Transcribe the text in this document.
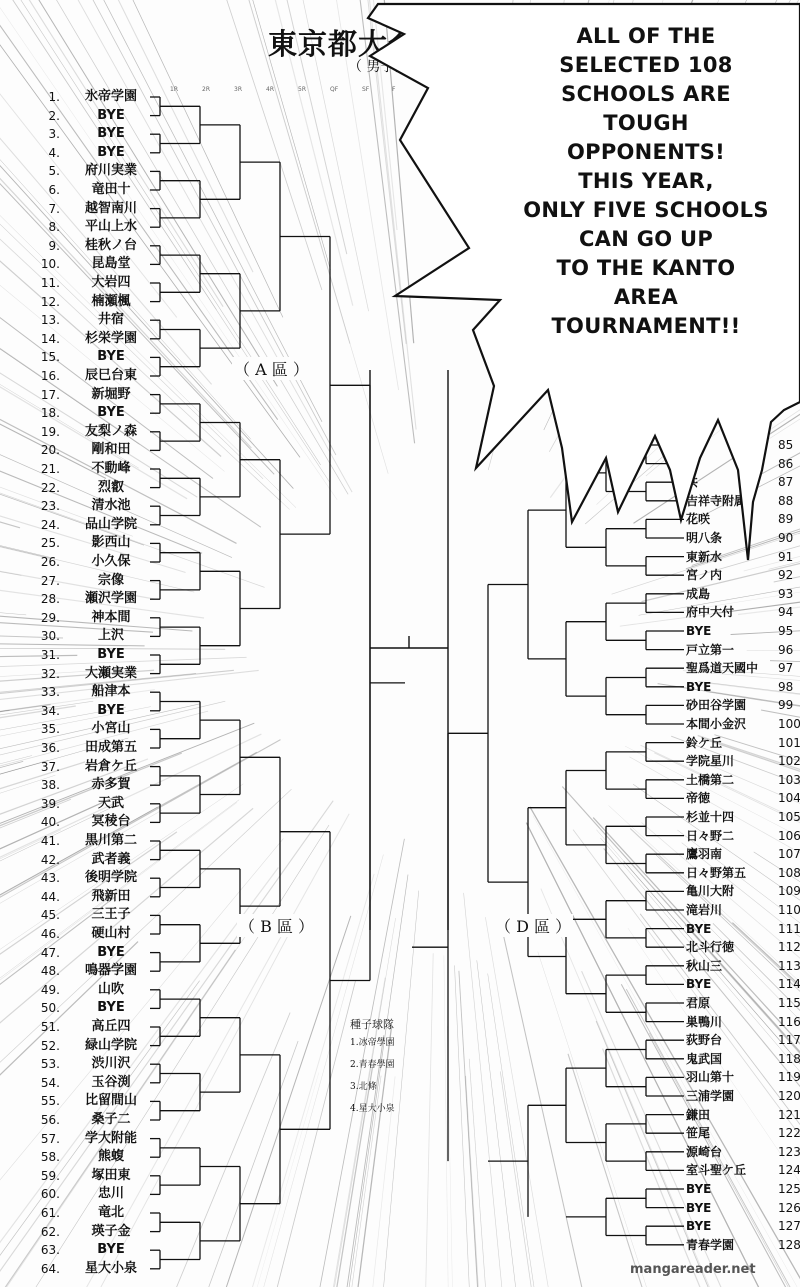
東京都大会
（
1R	2R	3R	4R	5R	QF	SF	F
1.	氷帝学園
2.	BYE
3.	BYE
4.	BYE
5.	府川実業
6.	竜田十
7.	越智南川
8.	平山上水
9.	桂秋ノ台
10.	昆島堂
11.	大岩四
12.	楠瀬楓
13.	井宿
14.	杉栄学園
15.	BYE
16.	辰巳台東
17.	新堀野
18.	BYE
19.	友梨ノ森
20.	剛和田
21.	不動峰
22.	烈叡
23.	清水池
24.	品山学院
25.	影西山
26.	小久保
27.	宗像
28.	瀬沢学園
29.	神本間
30.	上沢
31.	BYE
32.	大瀬実業
33.	船津本
34.	BYE
35.	小宮山
36.	田成第五
37.	岩倉ケ丘
38.	赤多賀
39.	天武
40.	冥稜台
41.	黒川第二
42.	武者義
43.	後明学院
44.	飛新田
45.	三王子
46.	硬山村
47.	BYE
48.	鳴器学園
49.	山吹
50.	BYE
51.	高丘四
52.	緑山学院
53.	渋川沢
54.	玉谷渕
55.	比留間山
56.	桑子二
57.	学大附能
58.	熊蝮
59.	塚田東
60.	忠川
61.	竜北
62.	瑛子金
63.	BYE
64.	星大小泉
85
86
87
吉祥寺附属	88
花咲	89
明八条	90
東新水	91
宮ノ内	92
成島	93
府中大付	94
BYE	95
戸立第一	96
聖爲道天國中	97
BYE	98
砂田谷学園	99
本間小金沢	100
鈴ケ丘	101
学院星川	102
土橋第二	103
帝徳	104
杉並十四	105
日々野二	106
鷹羽南	107
日々野第五	108
亀川大附	109
滝岩川	110
BYE	111
北斗行徳	112
秋山三	113
BYE	114
君原	115
巣鴨川	116
荻野台	117
鬼武国	118
羽山第十	119
三浦学園	120
鎌田	121
笹尾	122
源崎台	123
室斗聖ケ丘	124
BYE	125
BYE	126
BYE	127
青春学園	128
（ A 區 ）
（ B 區 ）	（ D 區 ）
種子球隊
1.冰帝學園
2.青春學園
3.北條
4.星大小泉
ALL OF THE
SELECTED 108
SCHOOLS ARE
TOUGH
OPPONENTS!
THIS YEAR,
ONLY FIVE SCHOOLS
CAN GO UP
TO THE KANTO
AREA
TOURNAMENT!!
mangareader.net
